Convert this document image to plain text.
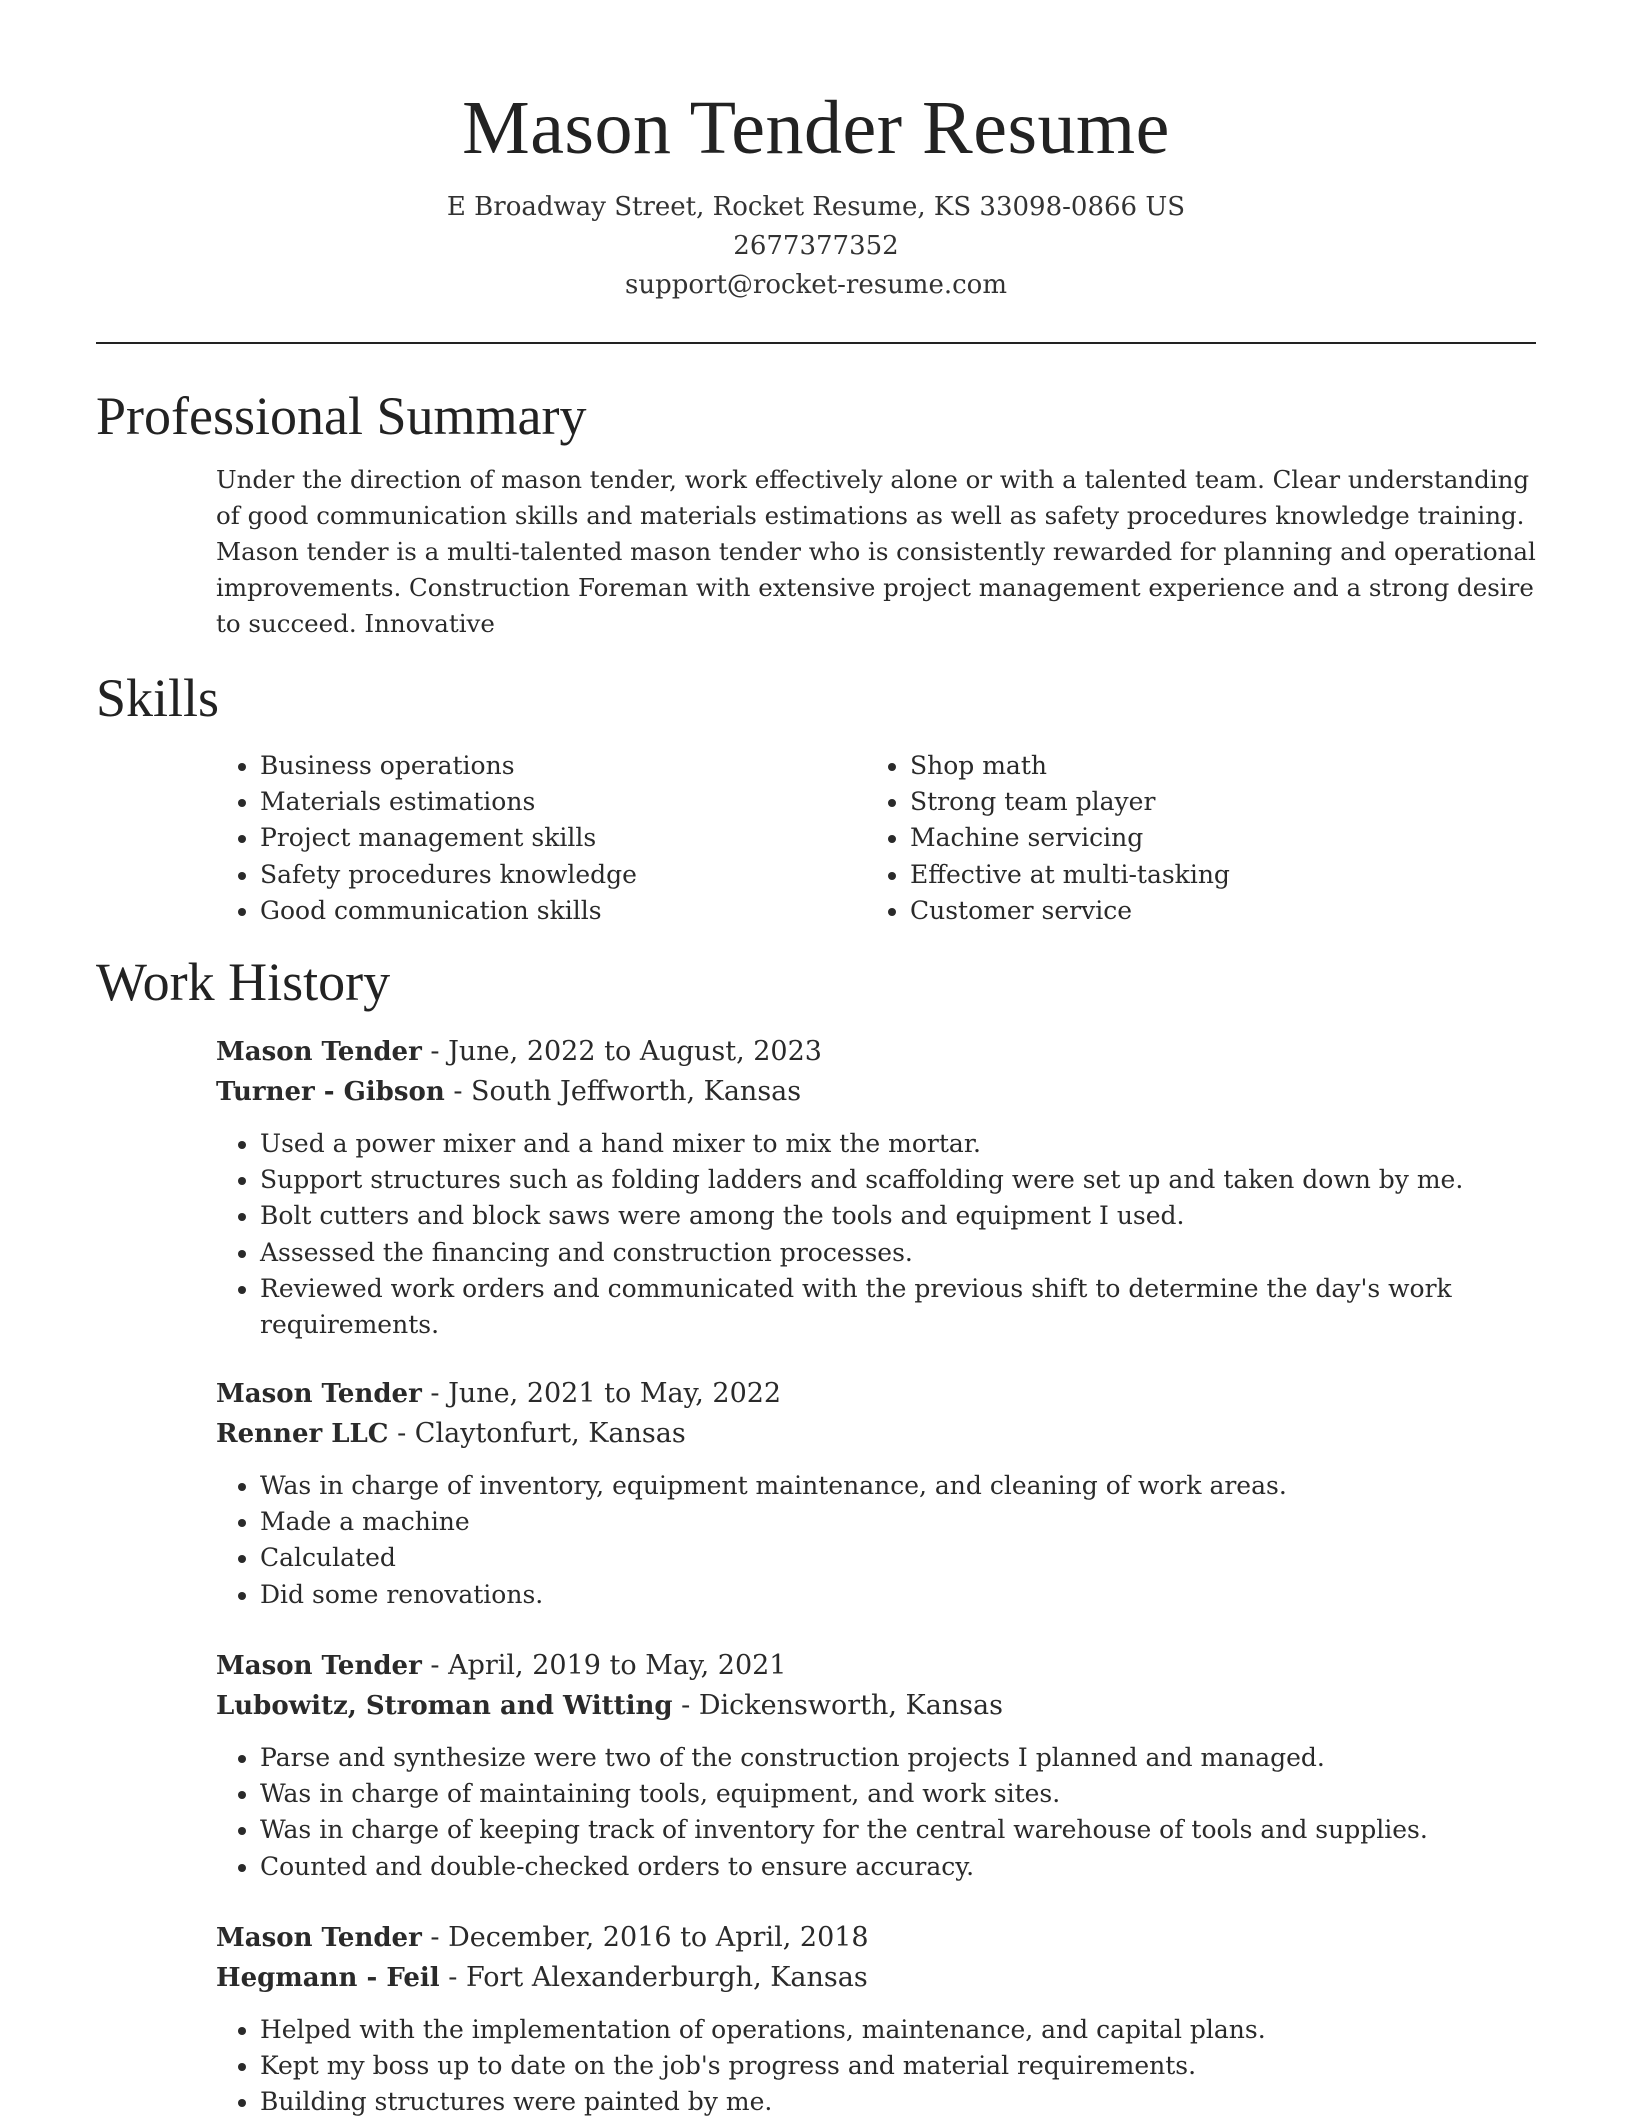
Mason Tender Resume
E Broadway Street, Rocket Resume, KS 33098-0866 US
2677377352
support@rocket-resume.com
Professional Summary

Under the direction of mason tender, work effectively alone or with a talented team. Clear understanding of good communication skills and materials estimations as well as safety procedures knowledge training. Mason tender is a multi-talented mason tender who is consistently rewarded for planning and operational improvements. Construction Foreman with extensive project management experience and a strong desire to succeed. Innovative

Skills
• Business operations
• Materials estimations
• Project management skills
• Safety procedures knowledge
• Good communication skills
• Shop math
• Strong team player
• Machine servicing
• Effective at multi-tasking
• Customer service
Work History
Mason Tender - June, 2022 to August, 2023
Turner - Gibson - South Jeffworth, Kansas
• Used a power mixer and a hand mixer to mix the mortar.
• Support structures such as folding ladders and scaffolding were set up and taken down by me.
• Bolt cutters and block saws were among the tools and equipment I used.
• Assessed the financing and construction processes.
• Reviewed work orders and communicated with the previous shift to determine the day's work requirements.
Mason Tender - June, 2021 to May, 2022
Renner LLC - Claytonfurt, Kansas
• Was in charge of inventory, equipment maintenance, and cleaning of work areas.
• Made a machine
• Calculated
• Did some renovations.
Mason Tender - April, 2019 to May, 2021
Lubowitz, Stroman and Witting - Dickensworth, Kansas
• Parse and synthesize were two of the construction projects I planned and managed.
• Was in charge of maintaining tools, equipment, and work sites.
• Was in charge of keeping track of inventory for the central warehouse of tools and supplies.
• Counted and double-checked orders to ensure accuracy.
Mason Tender - December, 2016 to April, 2018
Hegmann - Feil - Fort Alexanderburgh, Kansas
• Helped with the implementation of operations, maintenance, and capital plans.
• Kept my boss up to date on the job's progress and material requirements.
• Building structures were painted by me.
